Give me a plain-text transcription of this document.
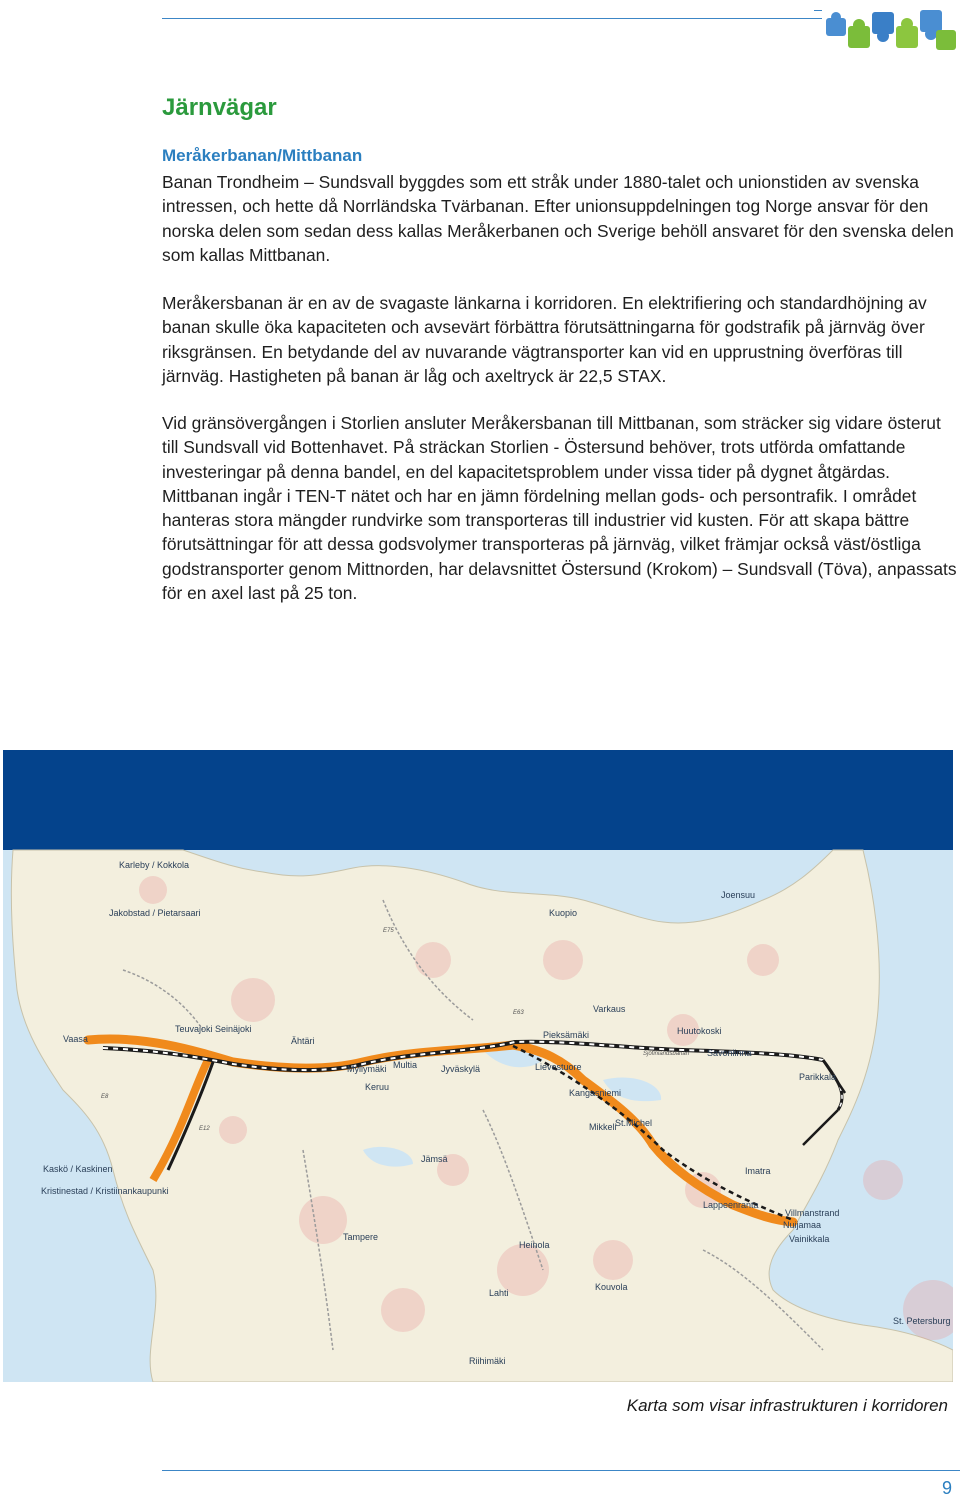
Järnvägar
Meråkerbanan/Mittbanan
Banan Trondheim – Sundsvall byggdes som ett stråk under 1880-talet och unionstiden av svenska intressen, och hette då Norrländska Tvärbanan. Efter unionsuppdelningen tog Norge ansvar för den norska delen som sedan dess kallas Meråkerbanen och Sverige behöll ansvaret för den svenska delen som kallas Mittbanan.
Meråkersbanan är en av de svagaste länkarna i korridoren. En elektrifiering och standardhöjning av banan skulle öka kapaciteten och avsevärt förbättra förutsättningarna för godstrafik på järnväg över riksgränsen. En betydande del av nuvarande vägtransporter kan vid en upprustning överföras till järnväg. Hastigheten på banan är låg och axeltryck är 22,5 STAX.
Vid gränsövergången i Storlien ansluter Meråkersbanan till Mittbanan, som sträcker sig vidare österut till Sundsvall vid Bottenhavet. På sträckan Storlien - Östersund behöver, trots utförda omfattande investeringar på denna bandel, en del kapacitetsproblem under vissa tider på dygnet åtgärdas. Mittbanan ingår i TEN-T nätet och har en jämn fördelning mellan gods- och persontrafik. I området hanteras stora mängder rundvirke som transporteras till industrier vid kusten. För att skapa bättre förutsättningar för att dessa godsvolymer transporteras på järnväg, vilket främjar också väst/östliga godstransporter genom Mittnorden, har delavsnittet Östersund (Krokom) – Sundsvall (Töva), anpassats för en axel last på 25 ton.
E75
E63
E8
E12
Sjöfinlandsbanan
Karleby / Kokkola
Jakobstad / Pietarsaari
Vaasa
Teuvajoki Seinäjoki
Ähtäri
Myllymäki Multia	Jyväskylä
Keruu
Pieksämäki
Lievestuore
Varkaus
Huutokoski
Savonlinna
Parikkala
Joensuu
Kuopio
Kangasniemi
St.Michel
Mikkeli
Jämsä
Kaskö / Kaskinen
Kristinestad / Kristiinankaupunki
Imatra
Lappeenranta
Villmanstrand
Nuijamaa
Vainikkala
Tampere
Heinola
Lahti
Kouvola
St. Petersburg
Riihimäki
Karta som visar infrastrukturen i korridoren
9
